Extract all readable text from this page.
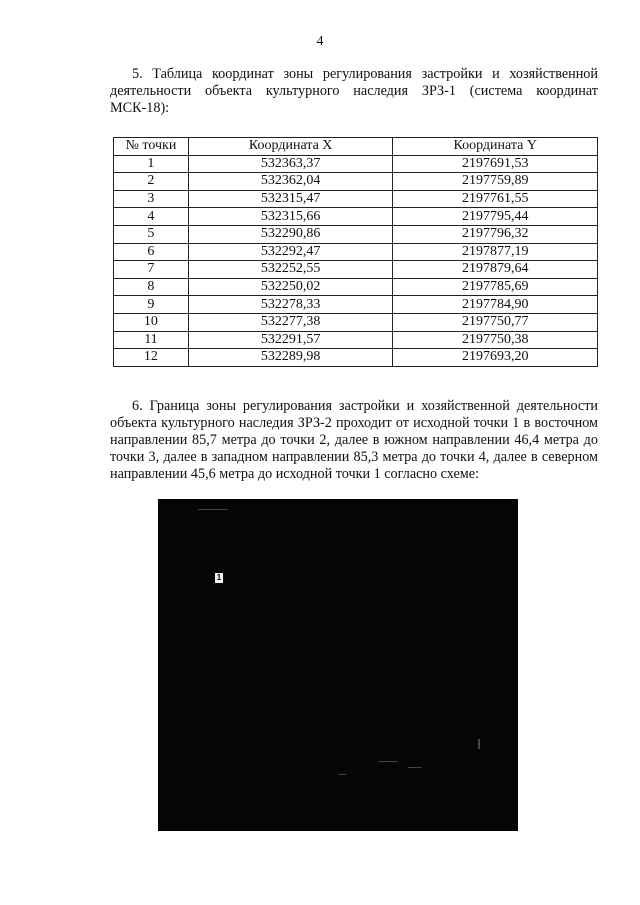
4

5. Таблица координат зоны регулирования застройки и хозяйственной деятельности объекта культурного наследия ЗРЗ-1 (система координат МСК-18):

№ точки	Координата X	Координата Y
1	532363,37	2197691,53
2	532362,04	2197759,89
3	532315,47	2197761,55
4	532315,66	2197795,44
5	532290,86	2197796,32
6	532292,47	2197877,19
7	532252,55	2197879,64
8	532250,02	2197785,69
9	532278,33	2197784,90
10	532277,38	2197750,77
11	532291,57	2197750,38
12	532289,98	2197693,20

6. Граница зоны регулирования застройки и хозяйственной деятельности объекта культурного наследия ЗРЗ-2 проходит от исходной точки 1 в восточном направлении 85,7 метра до точки 2, далее в южном направлении 46,4 метра до точки 3, далее в западном направлении 85,3 метра до точки 4, далее в северном направлении 45,6 метра до исходной точки 1 согласно схеме:

1
